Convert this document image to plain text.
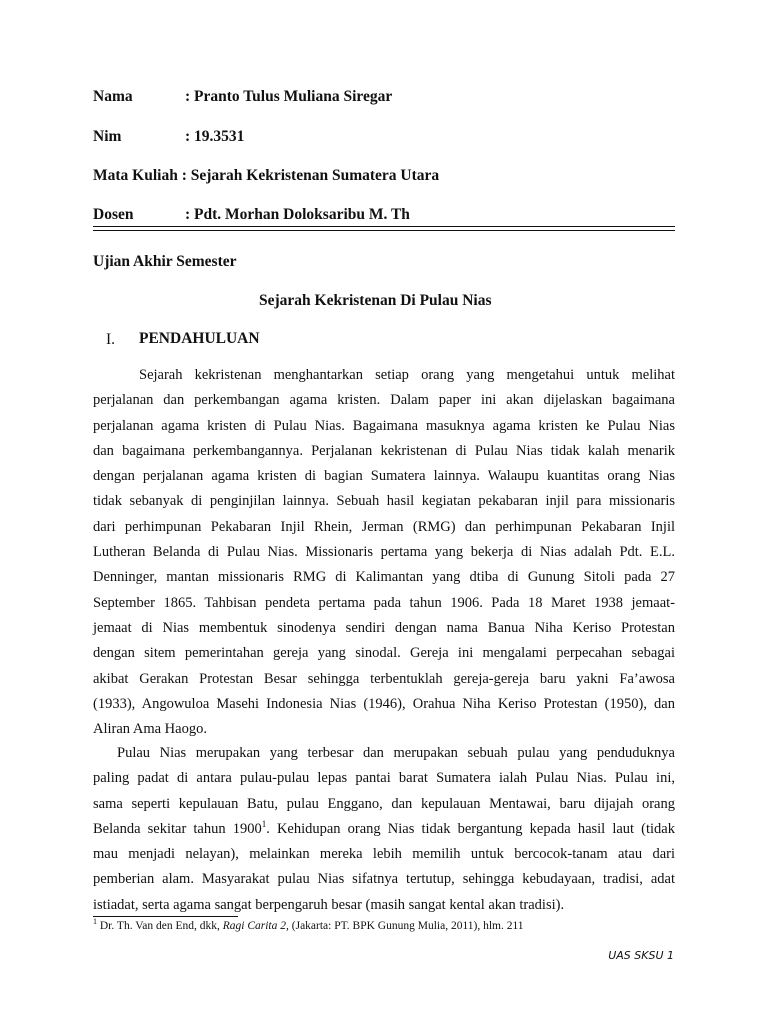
Nama	: Pranto Tulus Muliana Siregar
Nim	: 19.3531
Mata Kuliah : Sejarah Kekristenan Sumatera Utara
Dosen	: Pdt. Morhan Doloksaribu M. Th
Ujian Akhir Semester
Sejarah Kekristenan Di Pulau Nias
I. PENDAHULUAN
Sejarah kekristenan menghantarkan setiap orang yang mengetahui untuk melihat
perjalanan dan perkembangan agama kristen. Dalam paper ini akan dijelaskan bagaimana
perjalanan agama kristen di Pulau Nias. Bagaimana masuknya agama kristen ke Pulau Nias
dan bagaimana perkembangannya. Perjalanan kekristenan di Pulau Nias tidak kalah menarik
dengan perjalanan agama kristen di bagian Sumatera lainnya. Walaupu kuantitas orang Nias
tidak sebanyak di penginjilan lainnya. Sebuah hasil kegiatan pekabaran injil para missionaris
dari perhimpunan Pekabaran Injil Rhein, Jerman (RMG) dan perhimpunan Pekabaran Injil
Lutheran Belanda di Pulau Nias. Missionaris pertama yang bekerja di Nias adalah Pdt. E.L.
Denninger, mantan missionaris RMG di Kalimantan yang dtiba di Gunung Sitoli pada 27
September 1865. Tahbisan pendeta pertama pada tahun 1906. Pada 18 Maret 1938 jemaat-
jemaat di Nias membentuk sinodenya sendiri dengan nama Banua Niha Keriso Protestan
dengan sitem pemerintahan gereja yang sinodal. Gereja ini mengalami perpecahan sebagai
akibat Gerakan Protestan Besar sehingga terbentuklah gereja-gereja baru yakni Fa’awosa
(1933), Angowuloa Masehi Indonesia Nias (1946), Orahua Niha Keriso Protestan (1950), dan
Aliran Ama Haogo.
Pulau Nias merupakan yang terbesar dan merupakan sebuah pulau yang penduduknya
paling padat di antara pulau-pulau lepas pantai barat Sumatera ialah Pulau Nias. Pulau ini,
sama seperti kepulauan Batu, pulau Enggano, dan kepulauan Mentawai, baru dijajah orang
Belanda sekitar tahun 1900$^1$. Kehidupan orang Nias tidak bergantung kepada hasil laut (tidak
mau menjadi nelayan), melainkan mereka lebih memilih untuk bercocok-tanam atau dari
pemberian alam. Masyarakat pulau Nias sifatnya tertutup, sehingga kebudayaan, tradisi, adat
istiadat, serta agama sangat berpengaruh besar (masih sangat kental akan tradisi).
$^1$ Dr. Th. Van den End, dkk, Ragi Carita 2, (Jakarta: PT. BPK Gunung Mulia, 2011), hlm. 211
UAS SKSU 1
